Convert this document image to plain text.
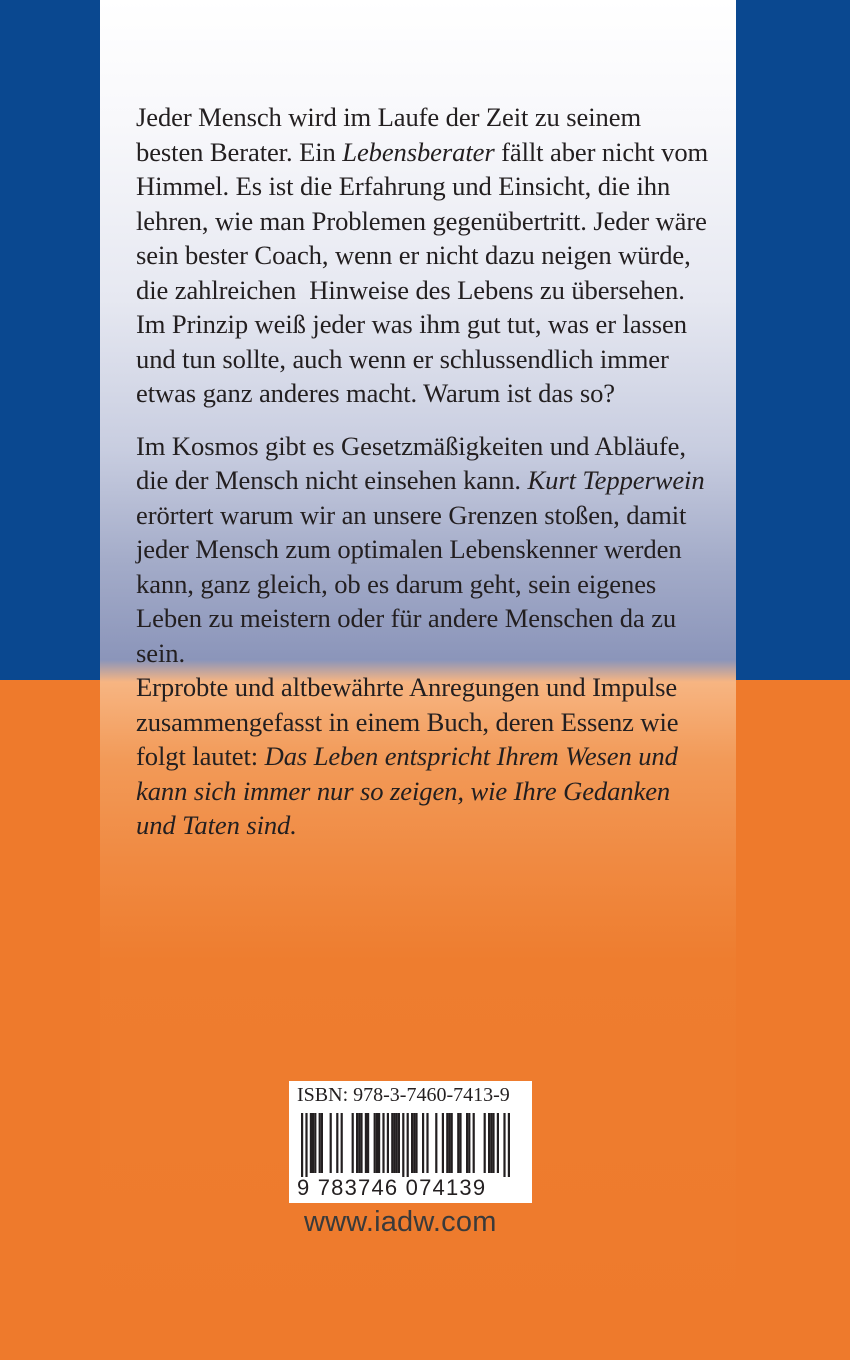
Jeder Mensch wird im Laufe der Zeit zu seinem
besten Berater. Ein Lebensberater fällt aber nicht vom
Himmel. Es ist die Erfahrung und Einsicht, die ihn
lehren, wie man Problemen gegenübertritt. Jeder wäre
sein bester Coach, wenn er nicht dazu neigen würde,
die zahlreichen  Hinweise des Lebens zu übersehen.
Im Prinzip weiß jeder was ihm gut tut, was er lassen
und tun sollte, auch wenn er schlussendlich immer
etwas ganz anderes macht. Warum ist das so?

Im Kosmos gibt es Gesetzmäßigkeiten und Abläufe,
die der Mensch nicht einsehen kann. Kurt Tepperwein
erörtert warum wir an unsere Grenzen stoßen, damit
jeder Mensch zum optimalen Lebenskenner werden
kann, ganz gleich, ob es darum geht, sein eigenes
Leben zu meistern oder für andere Menschen da zu
sein.

Erprobte und altbewährte Anregungen und Impulse
zusammengefasst in einem Buch, deren Essenz wie
folgt lautet: Das Leben entspricht Ihrem Wesen und
kann sich immer nur so zeigen, wie Ihre Gedanken
und Taten sind.

ISBN: 978-3-7460-7413-9
9 783746 074139
www.iadw.com
